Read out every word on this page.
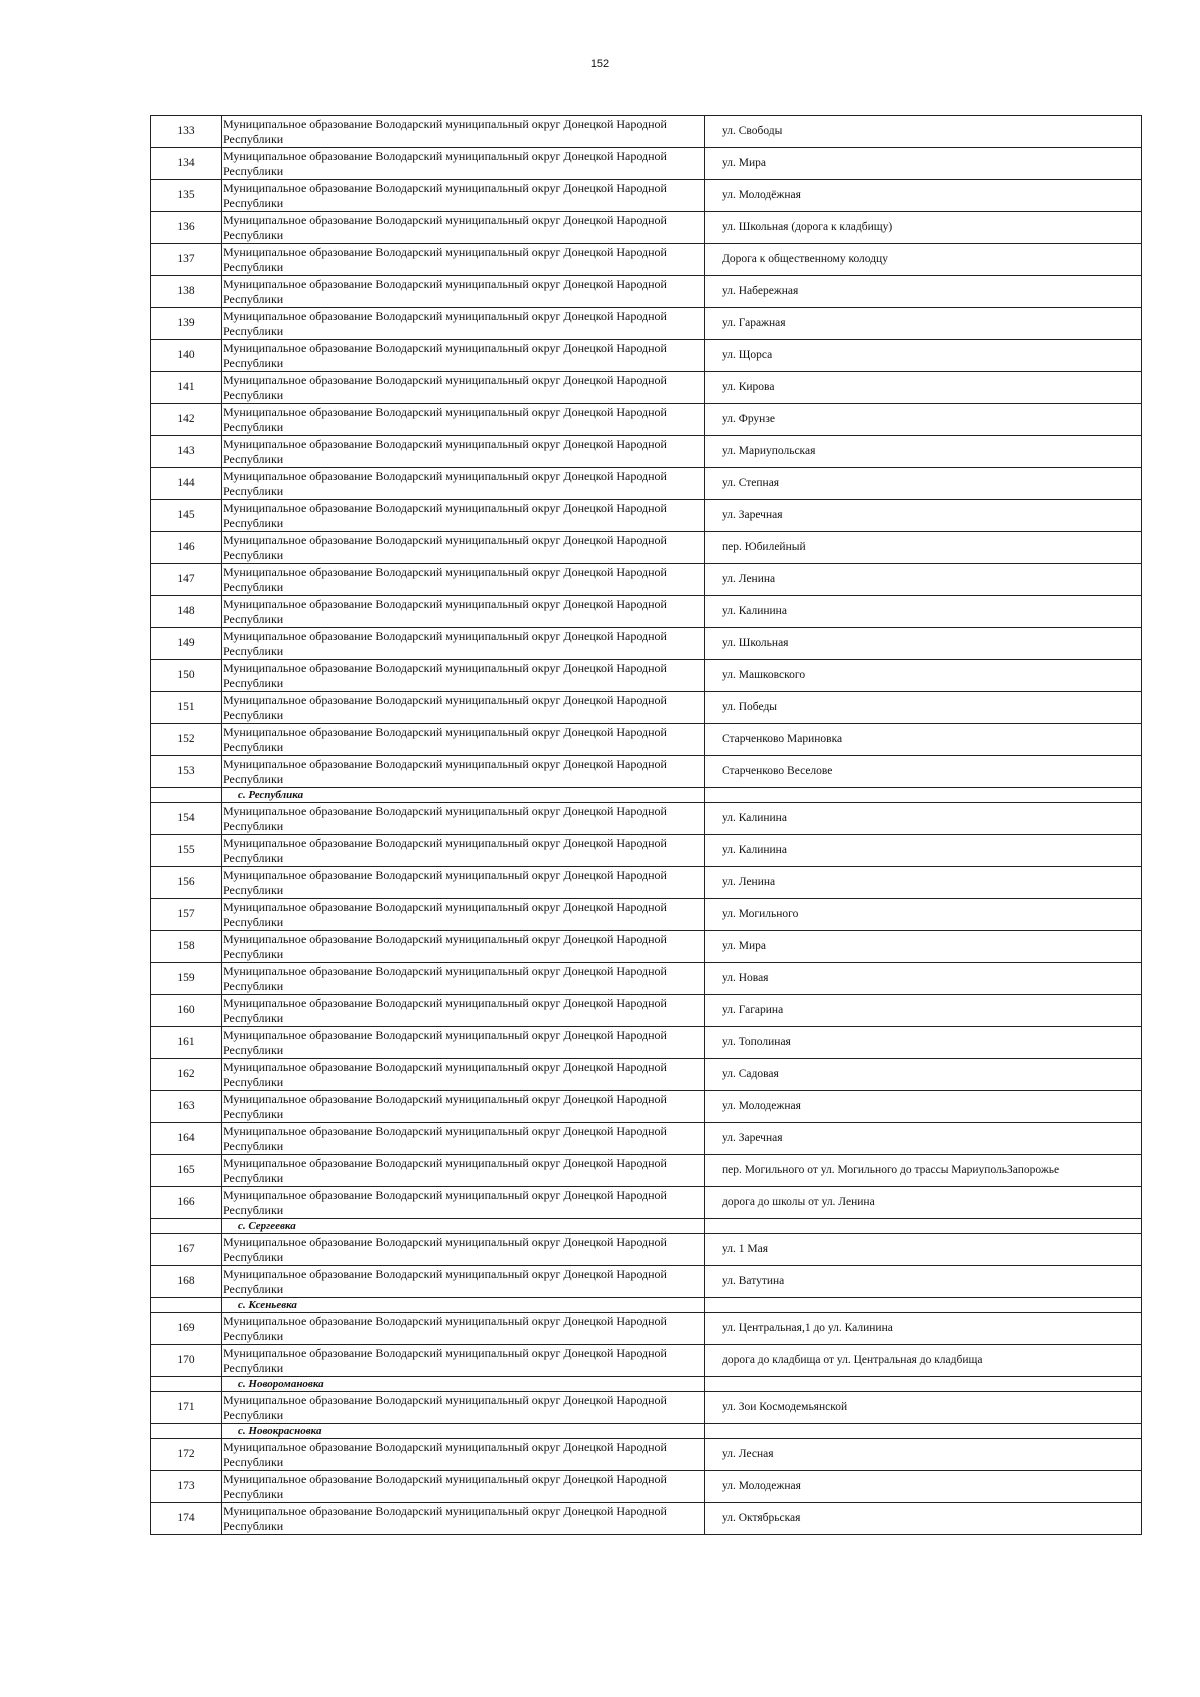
152
133	Муниципальное образование Володарский муниципальный округ Донецкой Народной Республики	ул. Свободы
134	Муниципальное образование Володарский муниципальный округ Донецкой Народной Республики	ул. Мира
135	Муниципальное образование Володарский муниципальный округ Донецкой Народной Республики	ул. Молодёжная
136	Муниципальное образование Володарский муниципальный округ Донецкой Народной Республики	ул. Школьная (дорога к кладбищу)
137	Муниципальное образование Володарский муниципальный округ Донецкой Народной Республики	Дорога к общественному колодцу
138	Муниципальное образование Володарский муниципальный округ Донецкой Народной Республики	ул. Набережная
139	Муниципальное образование Володарский муниципальный округ Донецкой Народной Республики	ул. Гаражная
140	Муниципальное образование Володарский муниципальный округ Донецкой Народной Республики	ул. Щорса
141	Муниципальное образование Володарский муниципальный округ Донецкой Народной Республики	ул. Кирова
142	Муниципальное образование Володарский муниципальный округ Донецкой Народной Республики	ул. Фрунзе
143	Муниципальное образование Володарский муниципальный округ Донецкой Народной Республики	ул. Мариупольская
144	Муниципальное образование Володарский муниципальный округ Донецкой Народной Республики	ул. Степная
145	Муниципальное образование Володарский муниципальный округ Донецкой Народной Республики	ул. Заречная
146	Муниципальное образование Володарский муниципальный округ Донецкой Народной Республики	пер. Юбилейный
147	Муниципальное образование Володарский муниципальный округ Донецкой Народной Республики	ул. Ленина
148	Муниципальное образование Володарский муниципальный округ Донецкой Народной Республики	ул. Калинина
149	Муниципальное образование Володарский муниципальный округ Донецкой Народной Республики	ул. Школьная
150	Муниципальное образование Володарский муниципальный округ Донецкой Народной Республики	ул. Машковского
151	Муниципальное образование Володарский муниципальный округ Донецкой Народной Республики	ул. Победы
152	Муниципальное образование Володарский муниципальный округ Донецкой Народной Республики	Старченково Мариновка
153	Муниципальное образование Володарский муниципальный округ Донецкой Народной Республики	Старченково Веселове
	с. Республика	
154	Муниципальное образование Володарский муниципальный округ Донецкой Народной Республики	ул. Калинина
155	Муниципальное образование Володарский муниципальный округ Донецкой Народной Республики	ул. Калинина
156	Муниципальное образование Володарский муниципальный округ Донецкой Народной Республики	ул. Ленина
157	Муниципальное образование Володарский муниципальный округ Донецкой Народной Республики	ул. Могильного
158	Муниципальное образование Володарский муниципальный округ Донецкой Народной Республики	ул. Мира
159	Муниципальное образование Володарский муниципальный округ Донецкой Народной Республики	ул. Новая
160	Муниципальное образование Володарский муниципальный округ Донецкой Народной Республики	ул. Гагарина
161	Муниципальное образование Володарский муниципальный округ Донецкой Народной Республики	ул. Тополиная
162	Муниципальное образование Володарский муниципальный округ Донецкой Народной Республики	ул. Садовая
163	Муниципальное образование Володарский муниципальный округ Донецкой Народной Республики	ул. Молодежная
164	Муниципальное образование Володарский муниципальный округ Донецкой Народной Республики	ул. Заречная
165	Муниципальное образование Володарский муниципальный округ Донецкой Народной Республики	пер. Могильного от ул. Могильного до трассы МариупольЗапорожье
166	Муниципальное образование Володарский муниципальный округ Донецкой Народной Республики	дорога до школы от ул. Ленина
	с. Сергеевка	
167	Муниципальное образование Володарский муниципальный округ Донецкой Народной Республики	ул. 1 Мая
168	Муниципальное образование Володарский муниципальный округ Донецкой Народной Республики	ул. Ватутина
	с. Ксеньевка	
169	Муниципальное образование Володарский муниципальный округ Донецкой Народной Республики	ул. Центральная,1 до ул. Калинина
170	Муниципальное образование Володарский муниципальный округ Донецкой Народной Республики	дорога до кладбища от ул. Центральная до кладбища
	с. Новоромановка	
171	Муниципальное образование Володарский муниципальный округ Донецкой Народной Республики	ул. Зои Космодемьянской
	с. Новокрасновка	
172	Муниципальное образование Володарский муниципальный округ Донецкой Народной Республики	ул. Лесная
173	Муниципальное образование Володарский муниципальный округ Донецкой Народной Республики	ул. Молодежная
174	Муниципальное образование Володарский муниципальный округ Донецкой Народной Республики	ул. Октябрьская
